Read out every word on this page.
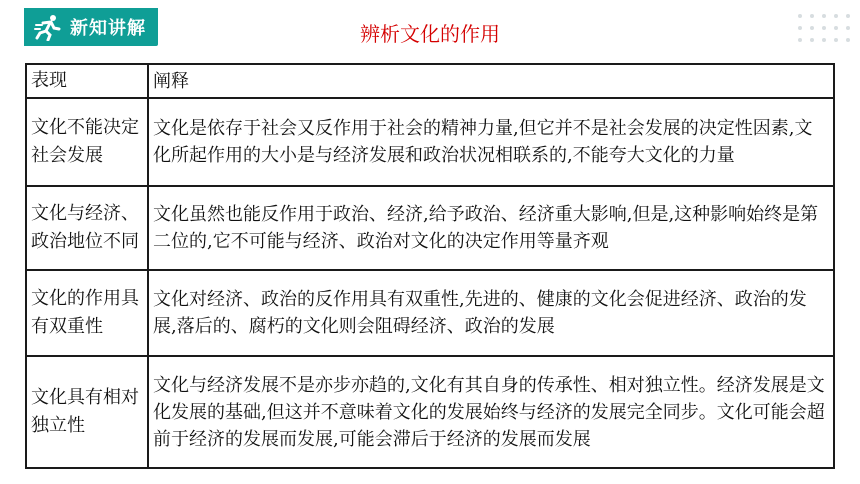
新知讲解	辨析文化的作用
表现	阐释
文化不能决定社会发展	文化是依存于社会又反作用于社会的精神力量,但它并不是社会发展的决定性因素,文化所起作用的大小是与经济发展和政治状况相联系的,不能夸大文化的力量
文化与经济、政治地位不同	文化虽然也能反作用于政治、经济,给予政治、经济重大影响,但是,这种影响始终是第二位的,它不可能与经济、政治对文化的决定作用等量齐观
文化的作用具有双重性	文化对经济、政治的反作用具有双重性,先进的、健康的文化会促进经济、政治的发展,落后的、腐朽的文化则会阻碍经济、政治的发展
文化具有相对独立性	文化与经济发展不是亦步亦趋的,文化有其自身的传承性、相对独立性。经济发展是文化发展的基础,但这并不意味着文化的发展始终与经济的发展完全同步。文化可能会超前于经济的发展而发展,可能会滞后于经济的发展而发展
